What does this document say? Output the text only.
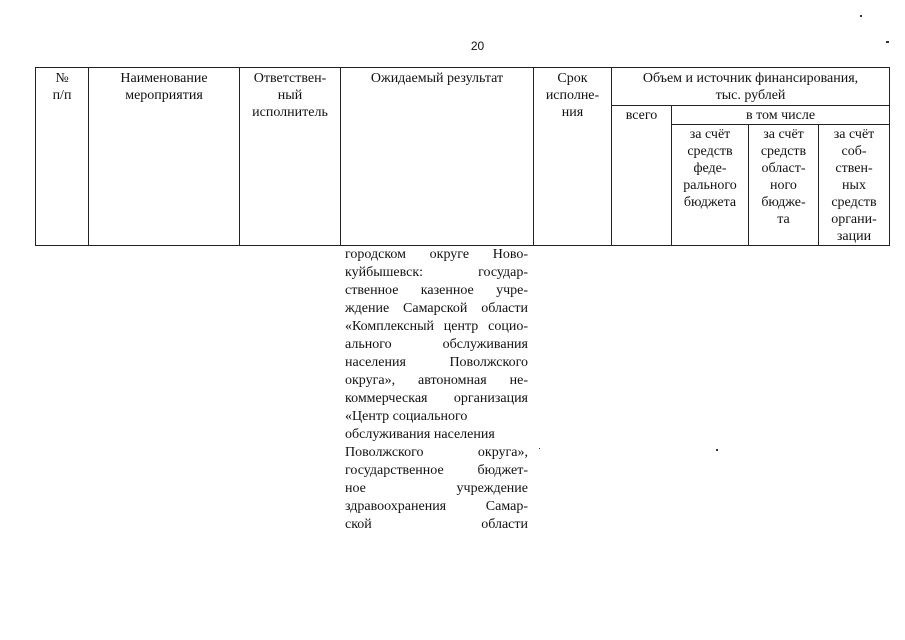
20
№
п/п
Наименование
мероприятия
Ответствен-
ный
исполнитель
Ожидаемый результат	Срок
исполне-
ния
Объем и источник финансирования,
тыс. рублей
всего	в том числе
за счёт
средств
феде-
рального
бюджета
за счёт
средств
област-
ного
бюдже-
та
за счёт
соб-
ствен-
ных
средств
органи-
зации
городском округе Ново-
куйбышевск: государ-
ственное казенное учре-
ждение Самарской области
«Комплексный центр социо-
ального обслуживания
населения Поволжского
округа», автономная не-
коммерческая организация
«Центр социального
обслуживания населения
Поволжского округа»,
государственное бюджет-
ное учреждение
здравоохранения Самар-
ской области
